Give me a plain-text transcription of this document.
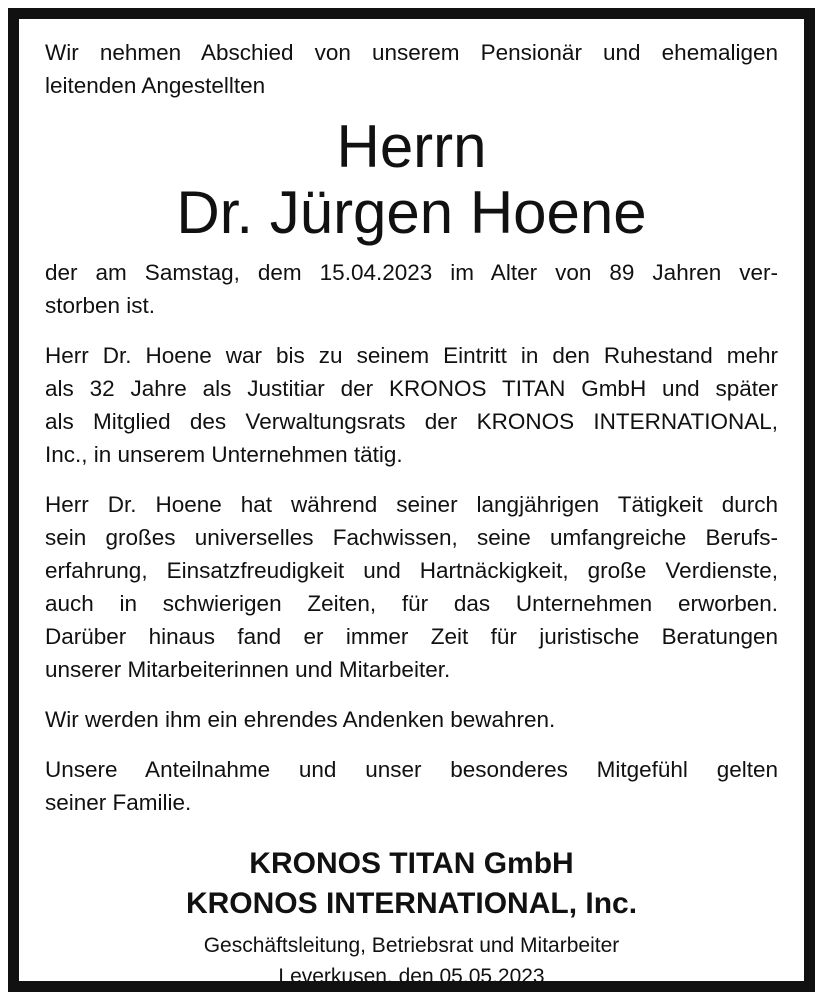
Wir nehmen Abschied von unserem Pensionär und ehemaligen
leitenden Angestellten
Herrn
Dr. Jürgen Hoene
der am Samstag, dem 15.04.2023 im Alter von 89 Jahren ver-
storben ist.
Herr Dr. Hoene war bis zu seinem Eintritt in den Ruhestand mehr
als 32 Jahre als Justitiar der KRONOS TITAN GmbH und später
als Mitglied des Verwaltungsrats der KRONOS INTERNATIONAL,
Inc., in unserem Unternehmen tätig.
Herr Dr. Hoene hat während seiner langjährigen Tätigkeit durch
sein großes universelles Fachwissen, seine umfangreiche Berufs-
erfahrung, Einsatzfreudigkeit und Hartnäckigkeit, große Verdienste,
auch in schwierigen Zeiten, für das Unternehmen erworben.
Darüber hinaus fand er immer Zeit für juristische Beratungen
unserer Mitarbeiterinnen und Mitarbeiter.
Wir werden ihm ein ehrendes Andenken bewahren.
Unsere Anteilnahme und unser besonderes Mitgefühl gelten
seiner Familie.
KRONOS TITAN GmbH
KRONOS INTERNATIONAL, Inc.
Geschäftsleitung, Betriebsrat und Mitarbeiter
Leverkusen, den 05.05.2023
